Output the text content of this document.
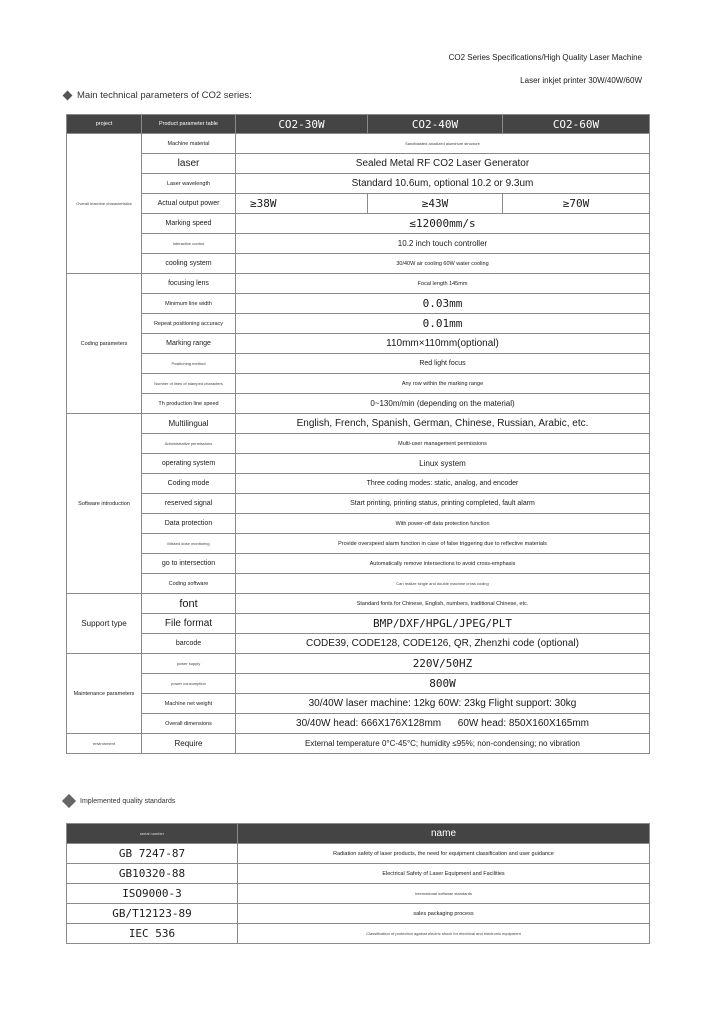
CO2 Series Specifications/High Quality Laser Machine
Laser inkjet printer 30W/40W/60W
Main technical parameters of CO2 series:
project	Product parameter table	CO2-30W	CO2-40W	CO2-60W
Overall machine characteristics	Machine material	Sandblasted anodized aluminum structure		
	laser	Sealed Metal RF CO2 Laser Generator		
	Laser wavelength	Standard 10.6um, optional 10.2 or 9.3um		
	Actual output power	≥38W	≥43W	≥70W
	Marking speed	≤12000mm/s		
	Interactive control	10.2 inch touch controller		
	cooling system	30/40W air cooling 60W water cooling		
Coding parameters	focusing lens	Focal length 145mm		
	Minimum line width	0.03mm		
	Repeat positioning accuracy	0.01mm		
	Marking range	110mm×110mm(optional)		
	Positioning method	Red light focus		
	Number of lines of stamped characters	Any row within the marking range		
	Th production line speed	0~130m/min (depending on the material)		
Software introduction	Multilingual	English, French, Spanish, German, Chinese, Russian, Arabic, etc.		
	Administrative permissions	Multi-user management permissions		
	operating system	Linux system		
	Coding mode	Three coding modes: static, analog, and encoder		
	reserved signal	Start printing, printing status, printing completed, fault alarm		
	Data protection	With power-off data protection function		
	Missed dose monitoring	Provide overspeed alarm function in case of false triggering due to reflective materials		
	go to intersection	Automatically remove intersections to avoid cross-emphasis		
	Coding software	Can realize single and double machine cross coding		
Support type	font	Standard fonts for Chinese, English, numbers, traditional Chinese, etc.		
	File format	BMP/DXF/HPGL/JPEG/PLT		
	barcode	CODE39, CODE128, CODE126, QR, Zhenzhi code (optional)		
Maintenance parameters	power supply	220V/50HZ		
	power consumption	800W		
	Machine net weight	30/40W laser machine: 12kg 60W: 23kg Flight support: 30kg		
	Overall dimensions	30/40W head: 666X176X128mm      60W head: 850X160X165mm		
environment	Require	External temperature 0°C-45°C; humidity ≤95%; non-condensing; no vibration		
Implemented quality standards
serial number	name
GB 7247-87	Radiation safety of laser products, the need for equipment classification and user guidance
GB10320-88	Electrical Safety of Laser Equipment and Facilities
ISO9000-3	International software standards
GB/T12123-89	sales packaging process
IEC 536	Classification of protection against electric shock for electrical and electronic equipment
